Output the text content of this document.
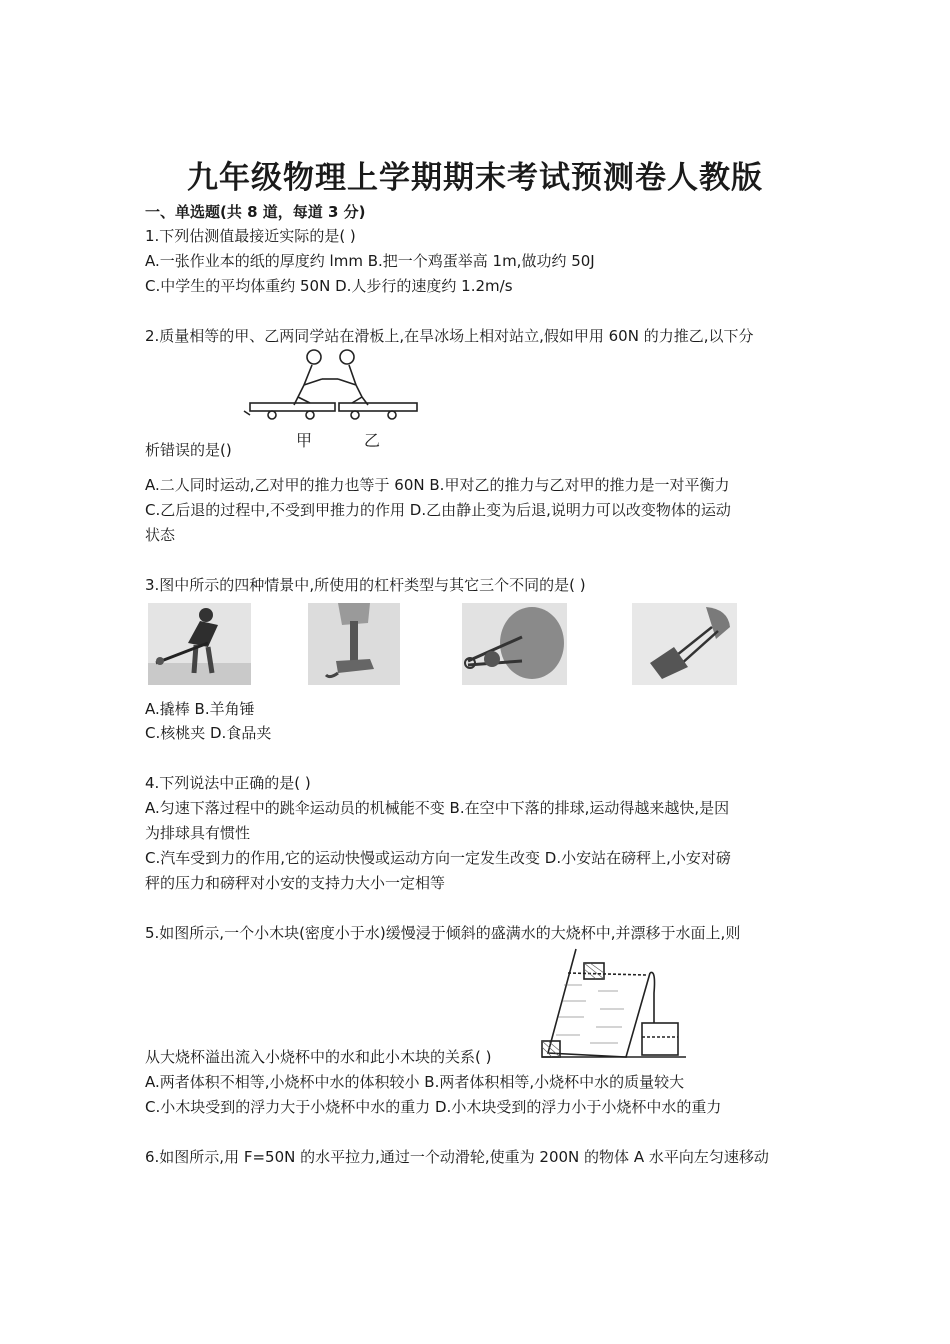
九年级物理上学期期末考试预测卷人教版

一、单选题(共 8 道，每道 3 分)

1.下列估测值最接近实际的是( )

A.一张作业本的纸的厚度约 lmm B.把一个鸡蛋举高 1m,做功约 50J

C.中学生的平均体重约 50N D.人步行的速度约 1.2m/s

2.质量相等的甲、乙两同学站在滑板上,在旱冰场上相对站立,假如甲用 60N 的力推乙,以下分

甲	乙

析错误的是()

A.二人同时运动,乙对甲的推力也等于 60N B.甲对乙的推力与乙对甲的推力是一对平衡力

C.乙后退的过程中,不受到甲推力的作用 D.乙由静止变为后退,说明力可以改变物体的运动

状态

3.图中所示的四种情景中,所使用的杠杆类型与其它三个不同的是( )

A.撬棒 B.羊角锤

C.核桃夹 D.食品夹

4.下列说法中正确的是( )

A.匀速下落过程中的跳伞运动员的机械能不变 B.在空中下落的排球,运动得越来越快,是因

为排球具有惯性

C.汽车受到力的作用,它的运动快慢或运动方向一定发生改变 D.小安站在磅秤上,小安对磅

秤的压力和磅秤对小安的支持力大小一定相等

5.如图所示,一个小木块(密度小于水)缓慢浸于倾斜的盛满水的大烧杯中,并漂移于水面上,则

从大烧杯溢出流入小烧杯中的水和此小木块的关系( )

A.两者体积不相等,小烧杯中水的体积较小 B.两者体积相等,小烧杯中水的质量较大

C.小木块受到的浮力大于小烧杯中水的重力 D.小木块受到的浮力小于小烧杯中水的重力

6.如图所示,用 F=50N 的水平拉力,通过一个动滑轮,使重为 200N 的物体 A 水平向左匀速移动
